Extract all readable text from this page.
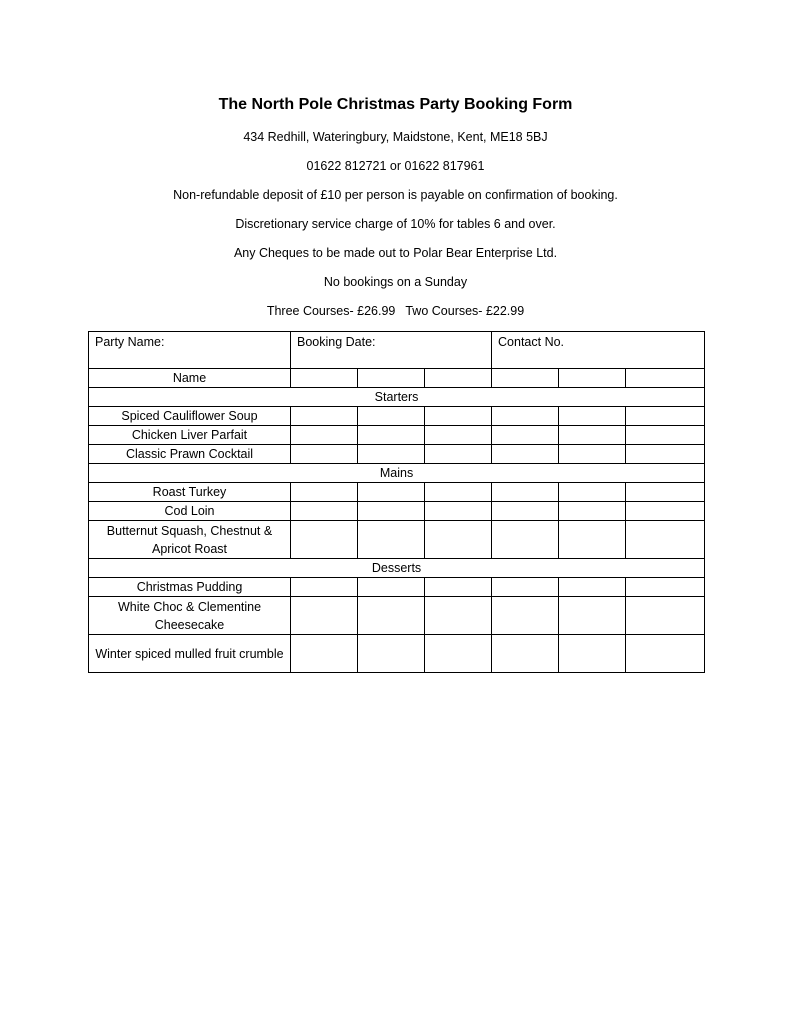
The North Pole Christmas Party Booking Form

434 Redhill, Wateringbury, Maidstone, Kent, ME18 5BJ

01622 812721 or 01622 817961

Non-refundable deposit of £10 per person is payable on confirmation of booking.

Discretionary service charge of 10% for tables 6 and over.

Any Cheques to be made out to Polar Bear Enterprise Ltd.

No bookings on a Sunday

Three Courses- £26.99 Two Courses- £22.99

Party Name:	Booking Date:			Contact No.		
Name						
Starters						
Spiced Cauliflower Soup						
Chicken Liver Parfait						
Classic Prawn Cocktail						
Mains						
Roast Turkey						
Cod Loin						
Butternut Squash, Chestnut & Apricot Roast						
Desserts						
Christmas Pudding						
White Choc & Clementine Cheesecake						
Winter spiced mulled fruit crumble						
